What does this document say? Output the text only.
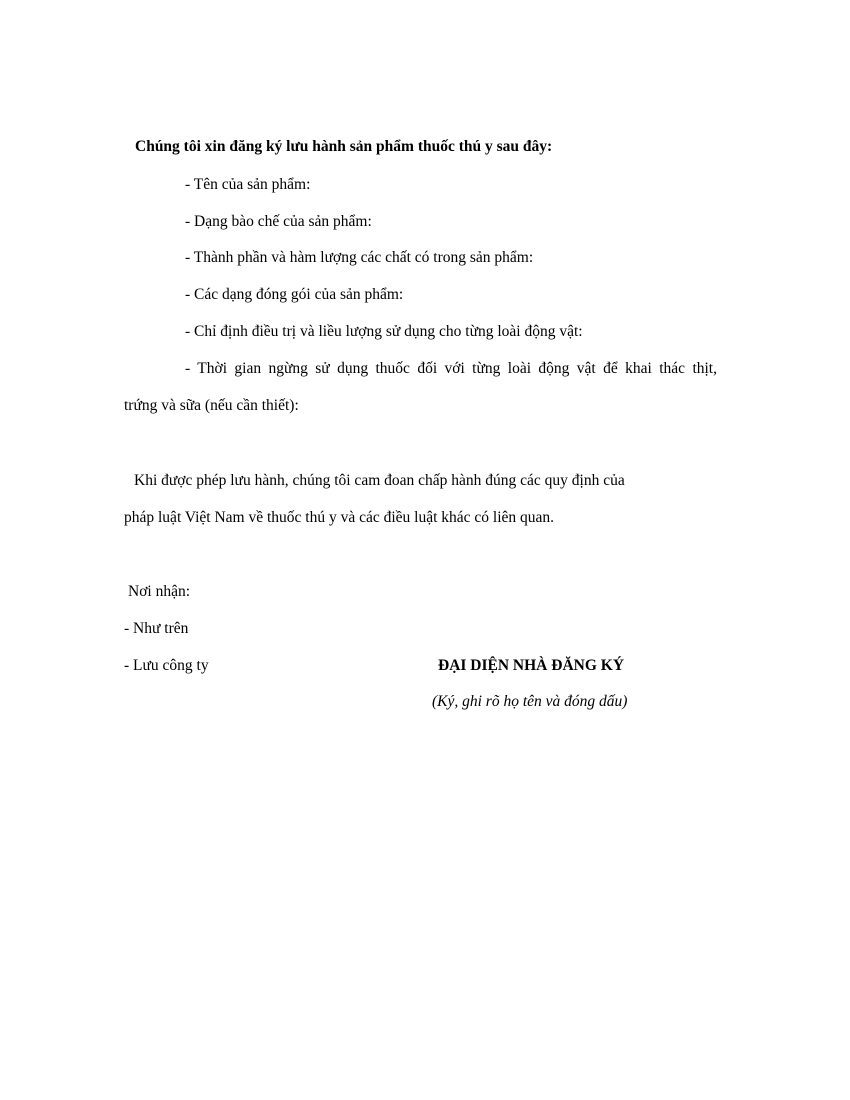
Chúng tôi xin đăng ký lưu hành sản phẩm thuốc thú y sau đây:
- Tên của sản phẩm:
- Dạng bào chế của sản phẩm:
- Thành phần và hàm lượng các chất có trong sản phẩm:
- Các dạng đóng gói của sản phẩm:
- Chỉ định điều trị và liều lượng sử dụng cho từng loài động vật:
- Thời gian ngừng sử dụng thuốc đối với từng loài động vật để khai thác thịt,
trứng và sữa (nếu cần thiết):
Khi được phép lưu hành, chúng tôi cam đoan chấp hành đúng các quy định của
pháp luật Việt Nam về thuốc thú y và các điều luật khác có liên quan.
Nơi nhận:
- Như trên
- Lưu công ty	ĐẠI DIỆN NHÀ ĐĂNG KÝ
(Ký, ghi rõ họ tên và đóng dấu)
